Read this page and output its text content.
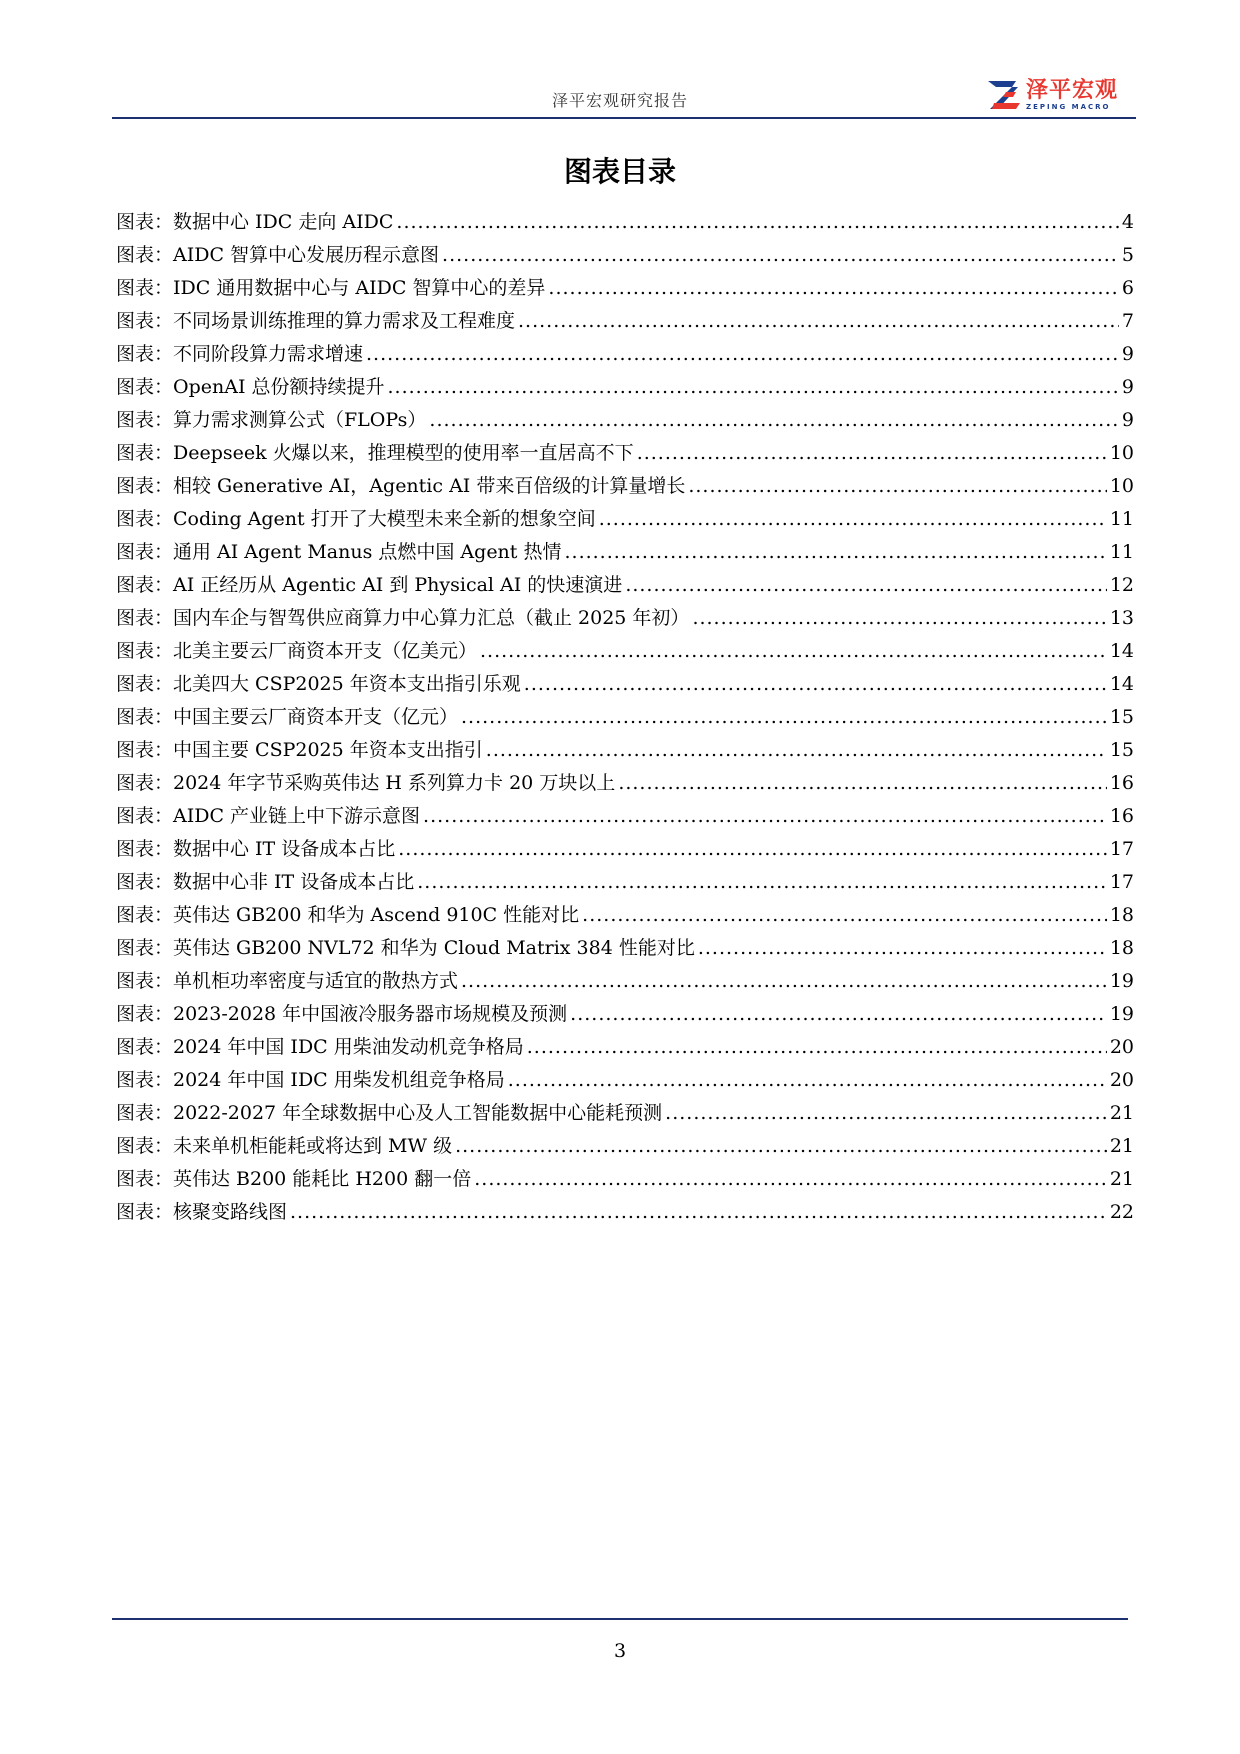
泽平宏观研究报告	泽平宏观
ZEPING MACRO
图表目录
图表：数据中心 IDC 走向 AIDC .....	4
图表：AIDC 智算中心发展历程示意图 .....	5
图表：IDC 通用数据中心与 AIDC 智算中心的差异 .....	6
图表：不同场景训练推理的算力需求及工程难度 .....	7
图表：不同阶段算力需求增速 .....	9
图表：OpenAI 总份额持续提升 .....	9
图表：算力需求测算公式（FLOPs） .....	9
图表：Deepseek 火爆以来，推理模型的使用率一直居高不下 .....	10
图表：相较 Generative AI，Agentic AI 带来百倍级的计算量增长 .....	10
图表：Coding Agent 打开了大模型未来全新的想象空间 .....	11
图表：通用 AI Agent Manus 点燃中国 Agent 热情 .....	11
图表：AI 正经历从 Agentic AI 到 Physical AI 的快速演进 .....	12
图表：国内车企与智驾供应商算力中心算力汇总（截止 2025 年初） .....	13
图表：北美主要云厂商资本开支（亿美元） .....	14
图表：北美四大 CSP2025 年资本支出指引乐观 .....	14
图表：中国主要云厂商资本开支（亿元） .....	15
图表：中国主要 CSP2025 年资本支出指引 .....	15
图表：2024 年字节采购英伟达 H 系列算力卡 20 万块以上 .....	16
图表：AIDC 产业链上中下游示意图 .....	16
图表：数据中心 IT 设备成本占比 .....	17
图表：数据中心非 IT 设备成本占比 .....	17
图表：英伟达 GB200 和华为 Ascend 910C 性能对比 .....	18
图表：英伟达 GB200 NVL72 和华为 Cloud Matrix 384 性能对比 .....	18
图表：单机柜功率密度与适宜的散热方式 .....	19
图表：2023-2028 年中国液冷服务器市场规模及预测 .....	19
图表：2024 年中国 IDC 用柴油发动机竞争格局 .....	20
图表：2024 年中国 IDC 用柴发机组竞争格局 .....	20
图表：2022-2027 年全球数据中心及人工智能数据中心能耗预测 .....	21
图表：未来单机柜能耗或将达到 MW 级 .....	21
图表：英伟达 B200 能耗比 H200 翻一倍 .....	21
图表：核聚变路线图 .....	22
3
